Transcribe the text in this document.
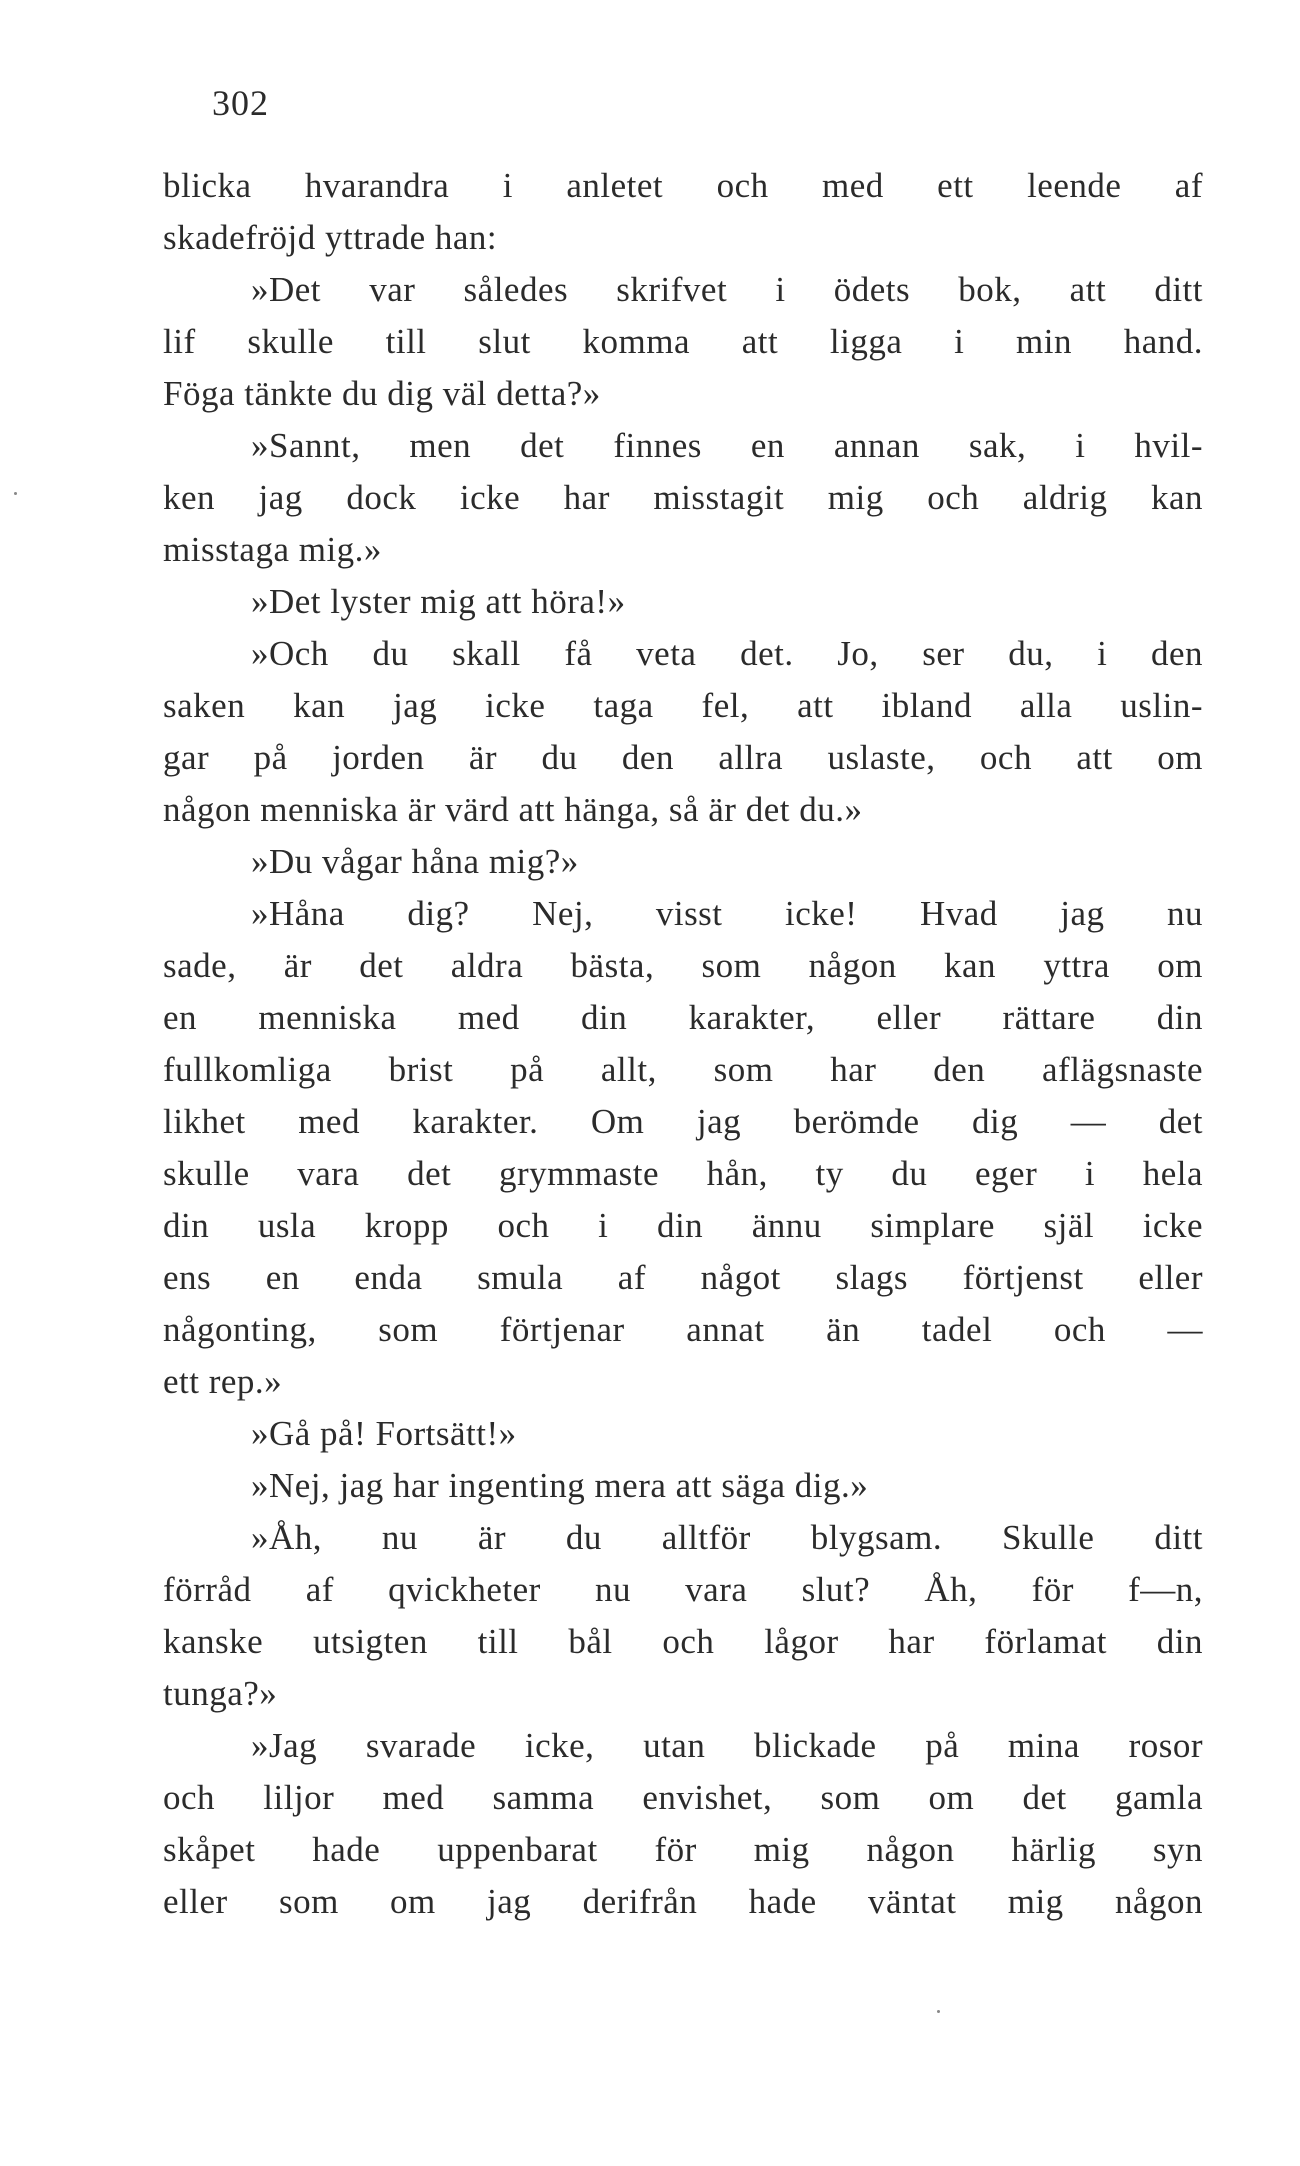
302
blicka hvarandra i anletet och med ett leende af
skadefröjd yttrade han:
»Det var således skrifvet i ödets bok, att ditt
lif skulle till slut komma att ligga i min hand.
Föga tänkte du dig väl detta?»
»Sannt, men det finnes en annan sak, i hvil-
ken jag dock icke har misstagit mig och aldrig kan
misstaga mig.»
»Det lyster mig att höra!»
»Och du skall få veta det. Jo, ser du, i den
saken kan jag icke taga fel, att ibland alla uslin-
gar på jorden är du den allra uslaste, och att om
någon menniska är värd att hänga, så är det du.»
»Du vågar håna mig?»
»Håna dig? Nej, visst icke! Hvad jag nu
sade, är det aldra bästa, som någon kan yttra om
en menniska med din karakter, eller rättare din
fullkomliga brist på allt, som har den aflägsnaste
likhet med karakter. Om jag berömde dig — det
skulle vara det grymmaste hån, ty du eger i hela
din usla kropp och i din ännu simplare själ icke
ens en enda smula af något slags förtjenst eller
någonting, som förtjenar annat än tadel och —
ett rep.»
»Gå på! Fortsätt!»
»Nej, jag har ingenting mera att säga dig.»
»Åh, nu är du alltför blygsam. Skulle ditt
förråd af qvickheter nu vara slut? Åh, för f—n,
kanske utsigten till bål och lågor har förlamat din
tunga?»
»Jag svarade icke, utan blickade på mina rosor
och liljor med samma envishet, som om det gamla
skåpet hade uppenbarat för mig någon härlig syn
eller som om jag derifrån hade väntat mig någon
